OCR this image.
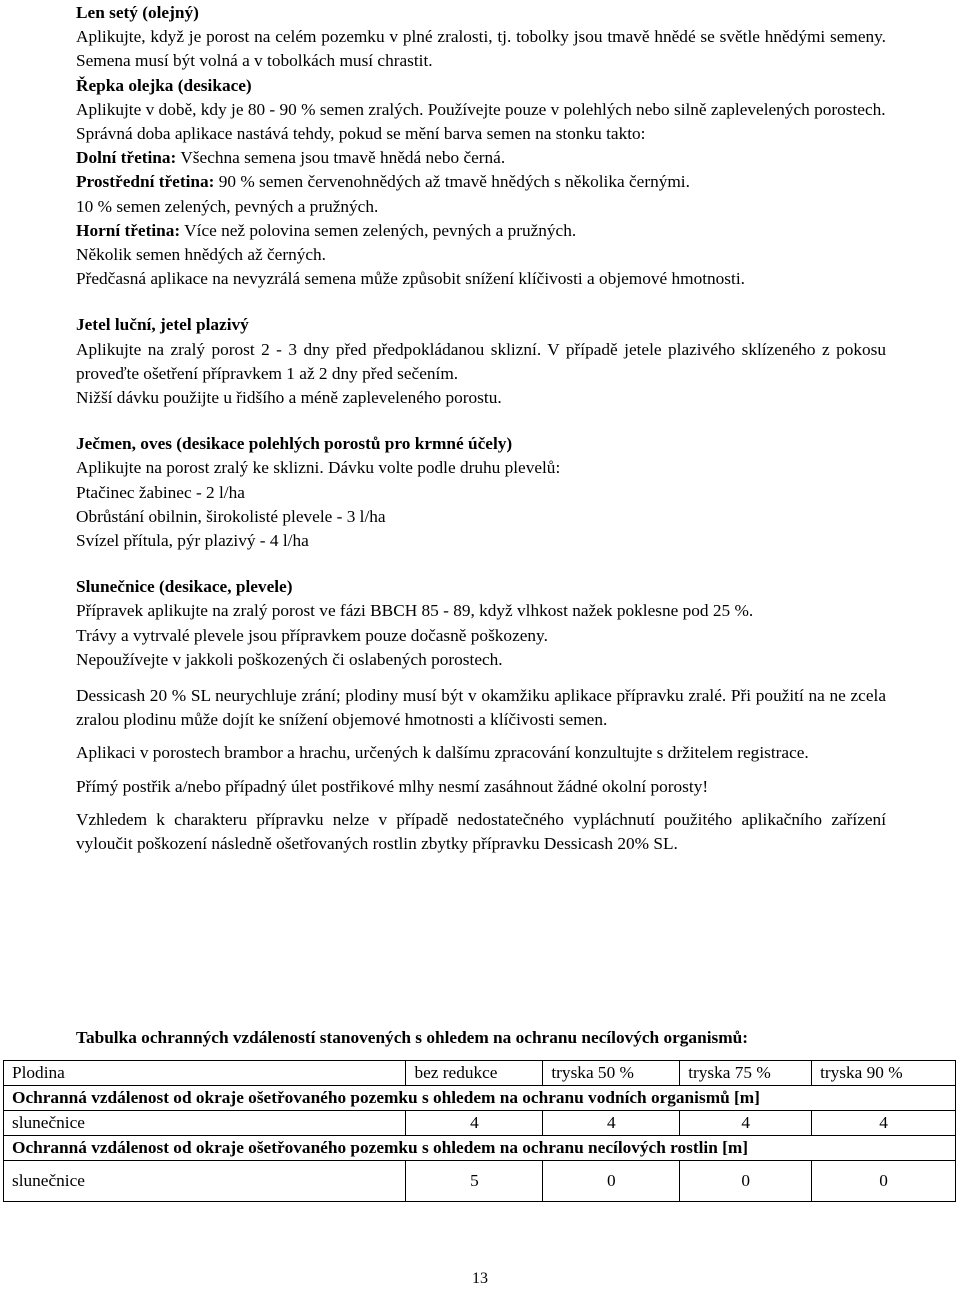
Len setý (olejný)

Aplikujte, když je porost na celém pozemku v plné zralosti, tj. tobolky jsou tmavě hnědé se světle hnědými semeny. Semena musí být volná a v tobolkách musí chrastit.

Řepka olejka (desikace)

Aplikujte v době, kdy je 80 - 90 % semen zralých. Používejte pouze v polehlých nebo silně zaplevelených porostech.

Správná doba aplikace nastává tehdy, pokud se mění barva semen na stonku takto:

Dolní třetina: Všechna semena jsou tmavě hnědá nebo černá.

Prostřední třetina: 90 % semen červenohnědých až tmavě hnědých s několika černými.

10 % semen zelených, pevných a pružných.

Horní třetina: Více než polovina semen zelených, pevných a pružných.

Několik semen hnědých až černých.

Předčasná aplikace na nevyzrálá semena může způsobit snížení klíčivosti a objemové hmotnosti.

Jetel luční, jetel plazivý

Aplikujte na zralý porost 2 - 3 dny před předpokládanou sklizní. V případě jetele plazivého sklízeného z pokosu proveďte ošetření přípravkem 1 až 2 dny před sečením.

Nižší dávku použijte u řidšího a méně zapleveleného porostu.

Ječmen, oves (desikace polehlých porostů pro krmné účely)

Aplikujte na porost zralý ke sklizni. Dávku volte podle druhu plevelů:

Ptačinec žabinec - 2 l/ha

Obrůstání obilnin, širokolisté plevele - 3 l/ha

Svízel přítula, pýr plazivý - 4 l/ha

Slunečnice (desikace, plevele)

Přípravek aplikujte na zralý porost ve fázi BBCH 85 - 89, když vlhkost nažek poklesne pod 25 %.

Trávy a vytrvalé plevele jsou přípravkem pouze dočasně poškozeny.

Nepoužívejte v jakkoli poškozených či oslabených porostech.

Dessicash 20 % SL neurychluje zrání; plodiny musí být v okamžiku aplikace přípravku zralé. Při použití na ne zcela zralou plodinu může dojít ke snížení objemové hmotnosti a klíčivosti semen.

Aplikaci v porostech brambor a hrachu, určených k dalšímu zpracování konzultujte s držitelem registrace.

Přímý postřik a/nebo případný úlet postřikové mlhy nesmí zasáhnout žádné okolní porosty!

Vzhledem k charakteru přípravku nelze v případě nedostatečného vypláchnutí použitého aplikačního zařízení vyloučit poškození následně ošetřovaných rostlin zbytky přípravku Dessicash 20% SL.

Tabulka ochranných vzdáleností stanovených s ohledem na ochranu necílových organismů:
Plodina	bez redukce	tryska 50 %	tryska 75 %	tryska 90 %
Ochranná vzdálenost od okraje ošetřovaného pozemku s ohledem na ochranu vodních organismů [m]				
slunečnice	4	4	4	4
Ochranná vzdálenost od okraje ošetřovaného pozemku s ohledem na ochranu necílových rostlin [m]				
slunečnice	5	0	0	0
13
